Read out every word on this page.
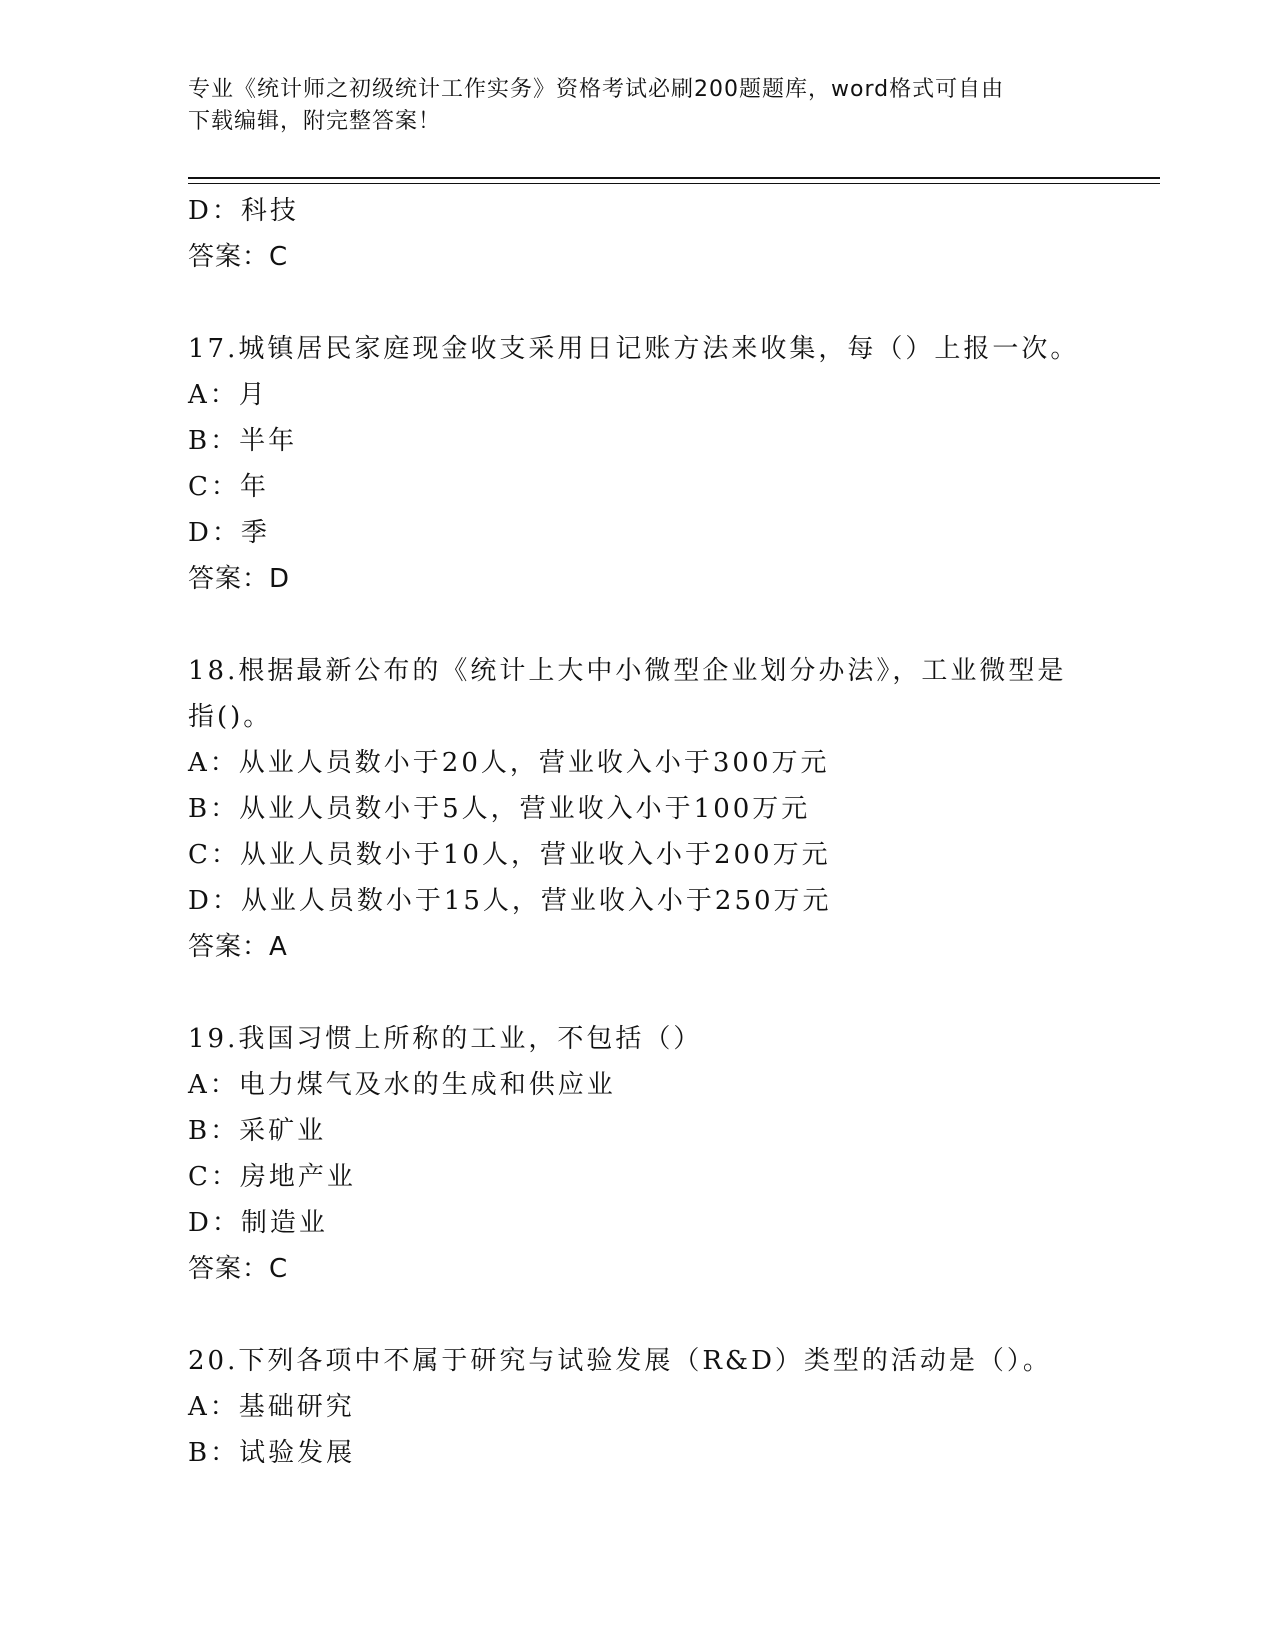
专业《统计师之初级统计工作实务》资格考试必刷200题题库，word格式可自由
下载编辑，附完整答案！
D：科技
答案：C
17.城镇居民家庭现金收支采用日记账方法来收集，每（）上报一次。
A：月
B：半年
C：年
D：季
答案：D
18.根据最新公布的《统计上大中小微型企业划分办法》，工业微型是
指()。
A：从业人员数小于20人，营业收入小于300万元
B：从业人员数小于5人，营业收入小于100万元
C：从业人员数小于10人，营业收入小于200万元
D：从业人员数小于15人，营业收入小于250万元
答案：A
19.我国习惯上所称的工业，不包括（）
A：电力煤气及水的生成和供应业
B：采矿业
C：房地产业
D：制造业
答案：C
20.下列各项中不属于研究与试验发展（R&D）类型的活动是（）。
A：基础研究
B：试验发展
